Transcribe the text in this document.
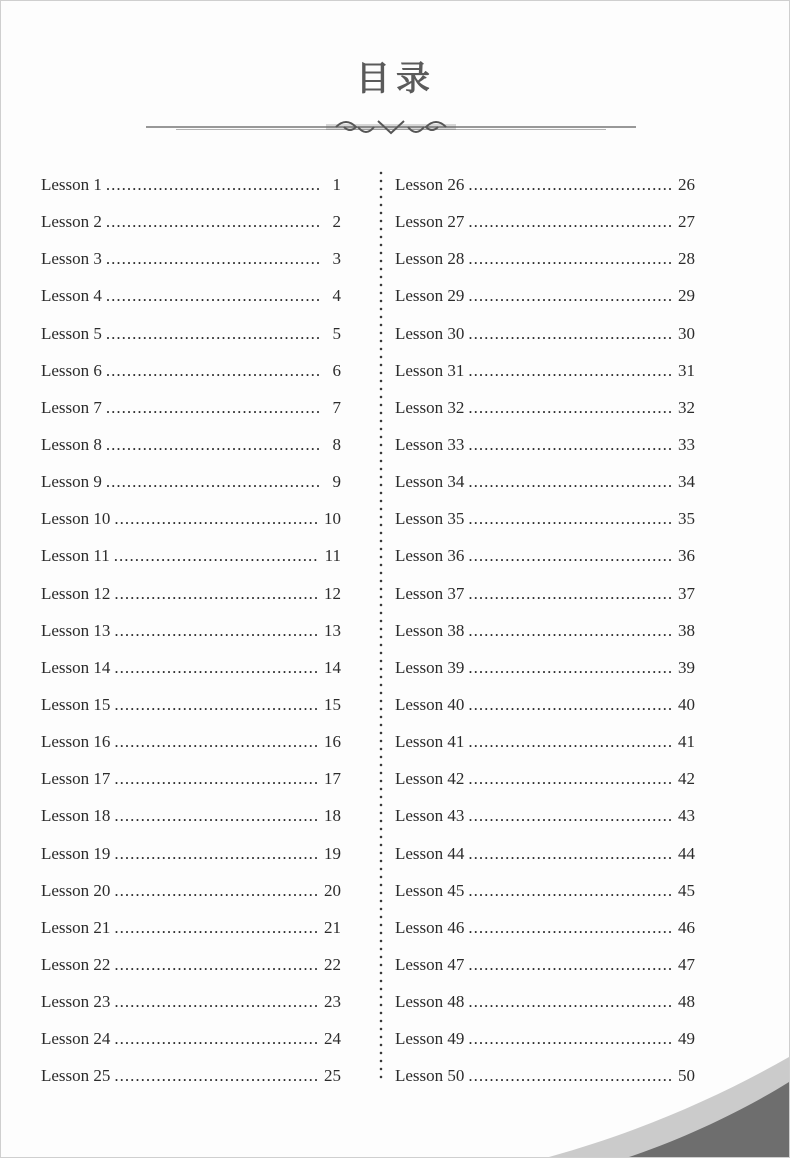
目录
Lesson 1 .....	1
Lesson 2 .....	2
Lesson 3 .....	3
Lesson 4 .....	4
Lesson 5 .....	5
Lesson 6 .....	6
Lesson 7 .....	7
Lesson 8 .....	8
Lesson 9 .....	9
Lesson 10 .....	10
Lesson 11 .....	11
Lesson 12 .....	12
Lesson 13 .....	13
Lesson 14 .....	14
Lesson 15 .....	15
Lesson 16 .....	16
Lesson 17 .....	17
Lesson 18 .....	18
Lesson 19 .....	19
Lesson 20 .....	20
Lesson 21 .....	21
Lesson 22 .....	22
Lesson 23 .....	23
Lesson 24 .....	24
Lesson 25 .....	25
Lesson 26 .....	26
Lesson 27 .....	27
Lesson 28 .....	28
Lesson 29 .....	29
Lesson 30 .....	30
Lesson 31 .....	31
Lesson 32 .....	32
Lesson 33 .....	33
Lesson 34 .....	34
Lesson 35 .....	35
Lesson 36 .....	36
Lesson 37 .....	37
Lesson 38 .....	38
Lesson 39 .....	39
Lesson 40 .....	40
Lesson 41 .....	41
Lesson 42 .....	42
Lesson 43 .....	43
Lesson 44 .....	44
Lesson 45 .....	45
Lesson 46 .....	46
Lesson 47 .....	47
Lesson 48 .....	48
Lesson 49 .....	49
Lesson 50 .....	50
